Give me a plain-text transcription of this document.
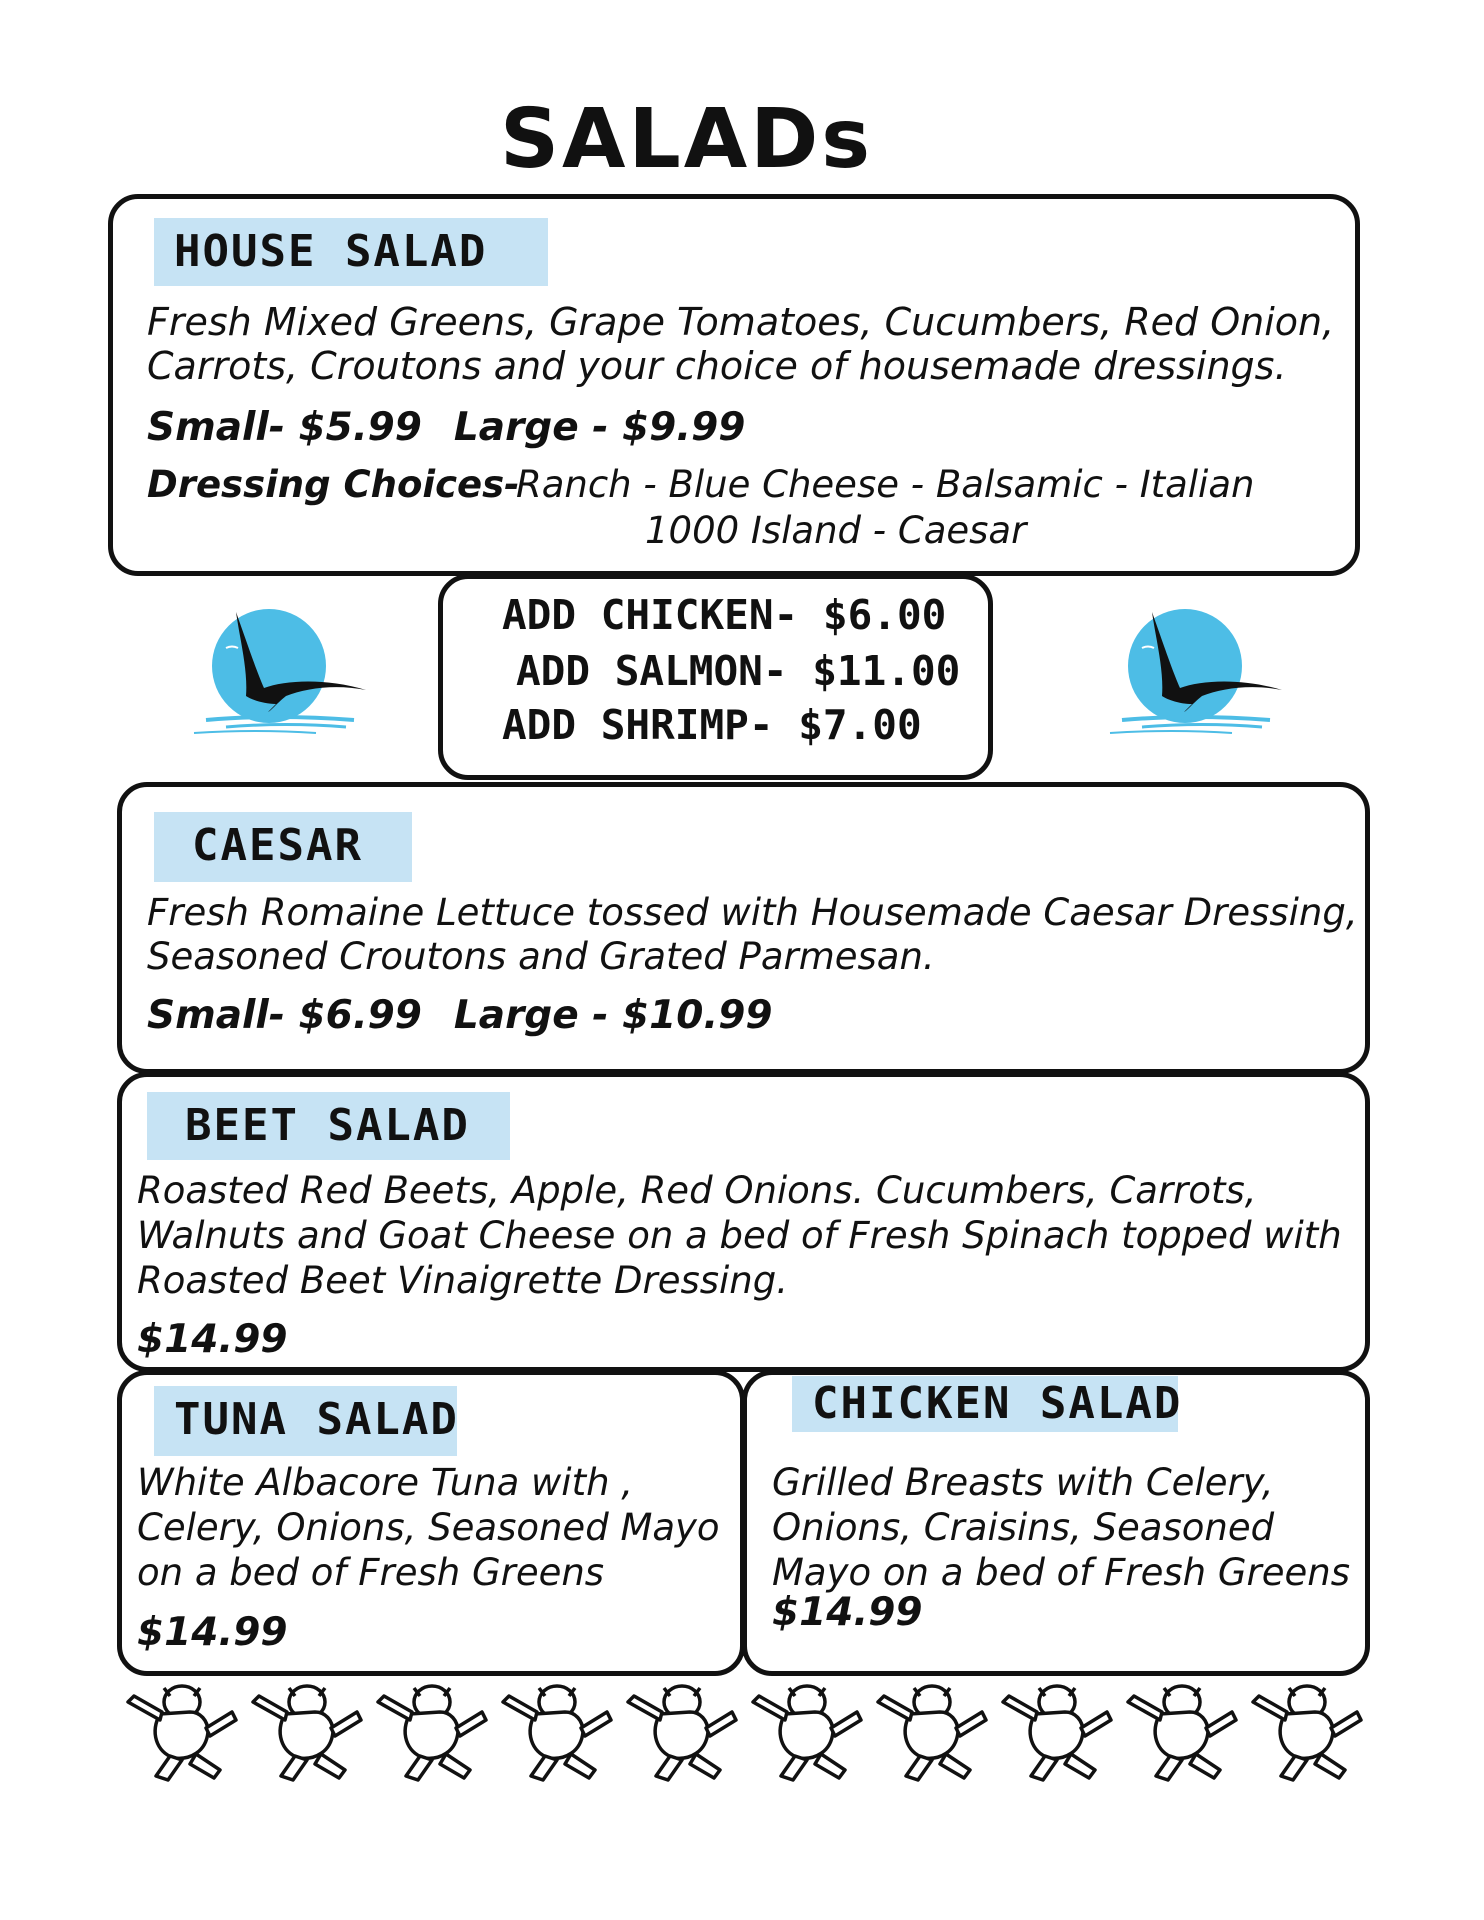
SALADs
HOUSE SALAD
Fresh Mixed Greens, Grape Tomatoes, Cucumbers, Red Onion,
Carrots, Croutons and your choice of housemade dressings.
Small- $5.99 Large - $9.99
Dressing Choices-
Ranch - Blue Cheese - Balsamic - Italian
1000 Island - Caesar
ADD CHICKEN- $6.00
ADD SALMON- $11.00
ADD SHRIMP- $7.00
CAESAR
Fresh Romaine Lettuce tossed with Housemade Caesar Dressing,
Seasoned Croutons and Grated Parmesan.
Small- $6.99 Large - $10.99
BEET SALAD
Roasted Red Beets, Apple, Red Onions. Cucumbers, Carrots,
Walnuts and Goat Cheese on a bed of Fresh Spinach topped with
Roasted Beet Vinaigrette Dressing.
$14.99
TUNA SALAD
White Albacore Tuna with ,
Celery, Onions, Seasoned Mayo
on a bed of Fresh Greens
$14.99
CHICKEN SALAD
Grilled Breasts with Celery,
Onions, Craisins, Seasoned
Mayo on a bed of Fresh Greens
$14.99
